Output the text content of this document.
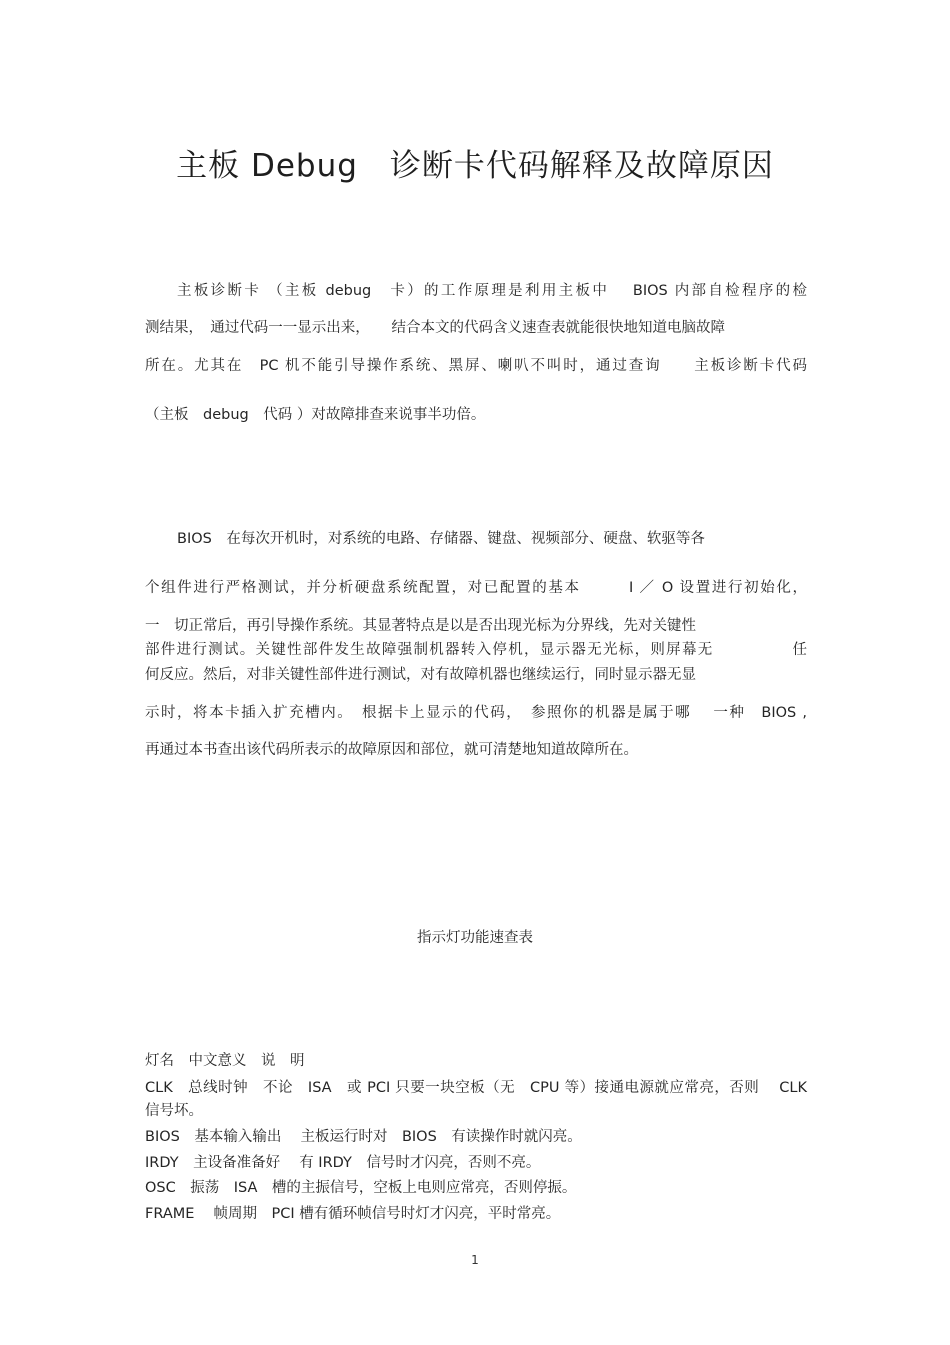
主板 Debug　诊断卡代码解释及故障原因
主板诊断卡 （主板 debug　卡）的工作原理是利用主板中　 BIOS 内部自检程序的检
测结果，　通过代码一一显示出来，　　结合本文的代码含义速查表就能很快地知道电脑故障
所在。尤其在　PC 机不能引导操作系统、黑屏、喇叭不叫时，通过查询　　主板诊断卡代码
（主板　debug　代码 ）对故障排查来说事半功倍。
BIOS　在每次开机时，对系统的电路、存储器、键盘、视频部分、硬盘、软驱等各
个组件进行严格测试，并分析硬盘系统配置，对已配置的基本　　　I ／ O 设置进行初始化，
一　切正常后，再引导操作系统。其显著特点是以是否出现光标为分界线，先对关键性
部件进行测试。关键性部件发生故障强制机器转入停机，显示器无光标，则屏幕无　　　　　任
何反应。然后，对非关键性部件进行测试，对有故障机器也继续运行，同时显示器无显
示时，将本卡插入扩充槽内。　根据卡上显示的代码，　参照你的机器是属于哪　 一种　BIOS ,
再通过本书查出该代码所表示的故障原因和部位，就可清楚地知道故障所在。
指示灯功能速查表
灯名　中文意义　说　明
CLK　总线时钟　不论　ISA　或 PCI 只要一块空板（无　CPU 等）接通电源就应常亮，否则　 CLK
信号坏。
BIOS　基本输入输出　 主板运行时对　BIOS　有读操作时就闪亮。
IRDY　主设备准备好　 有 IRDY　信号时才闪亮，否则不亮。
OSC　振荡　ISA　槽的主振信号，空板上电则应常亮，否则停振。
FRAME　 帧周期　PCI 槽有循环帧信号时灯才闪亮，平时常亮。
1
